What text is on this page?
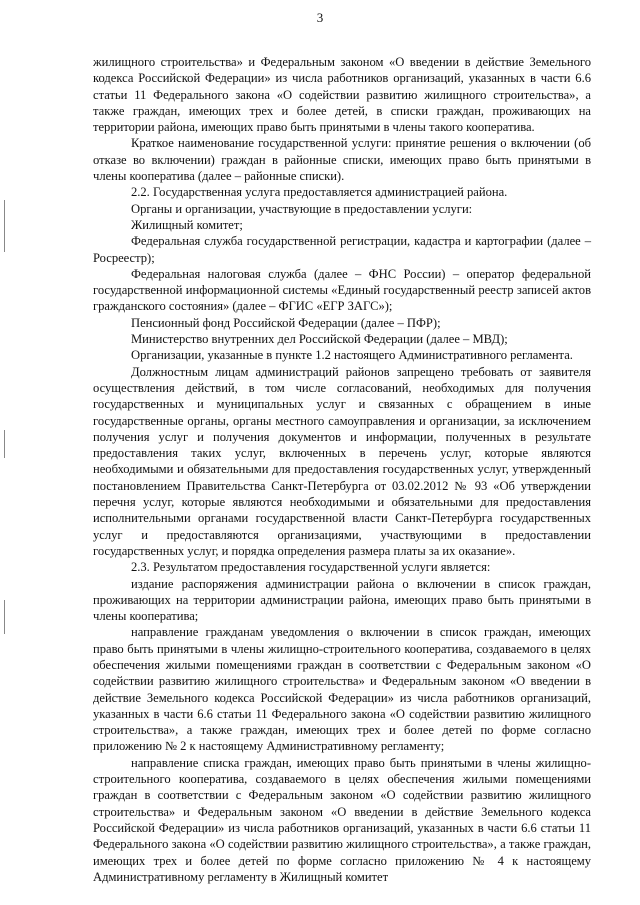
3

жилищного строительства» и Федеральным законом «О введении в действие Земельного кодекса Российской Федерации» из числа работников организаций, указанных в части 6.6 статьи 11 Федерального закона «О содействии развитию жилищного строительства», а также граждан, имеющих трех и более детей, в списки граждан, проживающих на территории района, имеющих право быть принятыми в члены такого кооператива.

Краткое наименование государственной услуги: принятие решения о включении (об отказе во включении) граждан в районные списки, имеющих право быть принятыми в члены кооператива (далее – районные списки).

2.2. Государственная услуга предоставляется администрацией района.

Органы и организации, участвующие в предоставлении услуги:

Жилищный комитет;

Федеральная служба государственной регистрации, кадастра и картографии (далее – Росреестр);

Федеральная налоговая служба (далее – ФНС России) – оператор федеральной государственной информационной системы «Единый государственный реестр записей актов гражданского состояния» (далее – ФГИС «ЕГР ЗАГС»);

Пенсионный фонд Российской Федерации (далее – ПФР);

Министерство внутренних дел Российской Федерации (далее – МВД);

Организации, указанные в пункте 1.2 настоящего Административного регламента.

Должностным лицам администраций районов запрещено требовать от заявителя осуществления действий, в том числе согласований, необходимых для получения государственных и муниципальных услуг и связанных с обращением в иные государственные органы, органы местного самоуправления и организации, за исключением получения услуг и получения документов и информации, полученных в результате предоставления таких услуг, включенных в перечень услуг, которые являются необходимыми и обязательными для предоставления государственных услуг, утвержденный постановлением Правительства Санкт-Петербурга от 03.02.2012 № 93 «Об утверждении перечня услуг, которые являются необходимыми и обязательными для предоставления исполнительными органами государственной власти Санкт-Петербурга государственных услуг и предоставляются организациями, участвующими в предоставлении государственных услуг, и порядка определения размера платы за их оказание».

2.3. Результатом предоставления государственной услуги является:

издание распоряжения администрации района о включении в список граждан, проживающих на территории администрации района, имеющих право быть принятыми в члены кооператива;

направление гражданам уведомления о включении в список граждан, имеющих право быть принятыми в члены жилищно-строительного кооператива, создаваемого в целях обеспечения жилыми помещениями граждан в соответствии с Федеральным законом «О содействии развитию жилищного строительства» и Федеральным законом «О введении в действие Земельного кодекса Российской Федерации» из числа работников организаций, указанных в части 6.6 статьи 11 Федерального закона «О содействии развитию жилищного строительства», а также граждан, имеющих трех и более детей по форме согласно приложению № 2 к настоящему Административному регламенту;

направление списка граждан, имеющих право быть принятыми в члены жилищно-строительного кооператива, создаваемого в целях обеспечения жилыми помещениями граждан в соответствии с Федеральным законом «О содействии развитию жилищного строительства» и Федеральным законом «О введении в действие Земельного кодекса Российской Федерации» из числа работников организаций, указанных в части 6.6 статьи 11 Федерального закона «О содействии развитию жилищного строительства», а также граждан, имеющих трех и более детей по форме согласно приложению № 4 к настоящему Административному регламенту в Жилищный комитет
